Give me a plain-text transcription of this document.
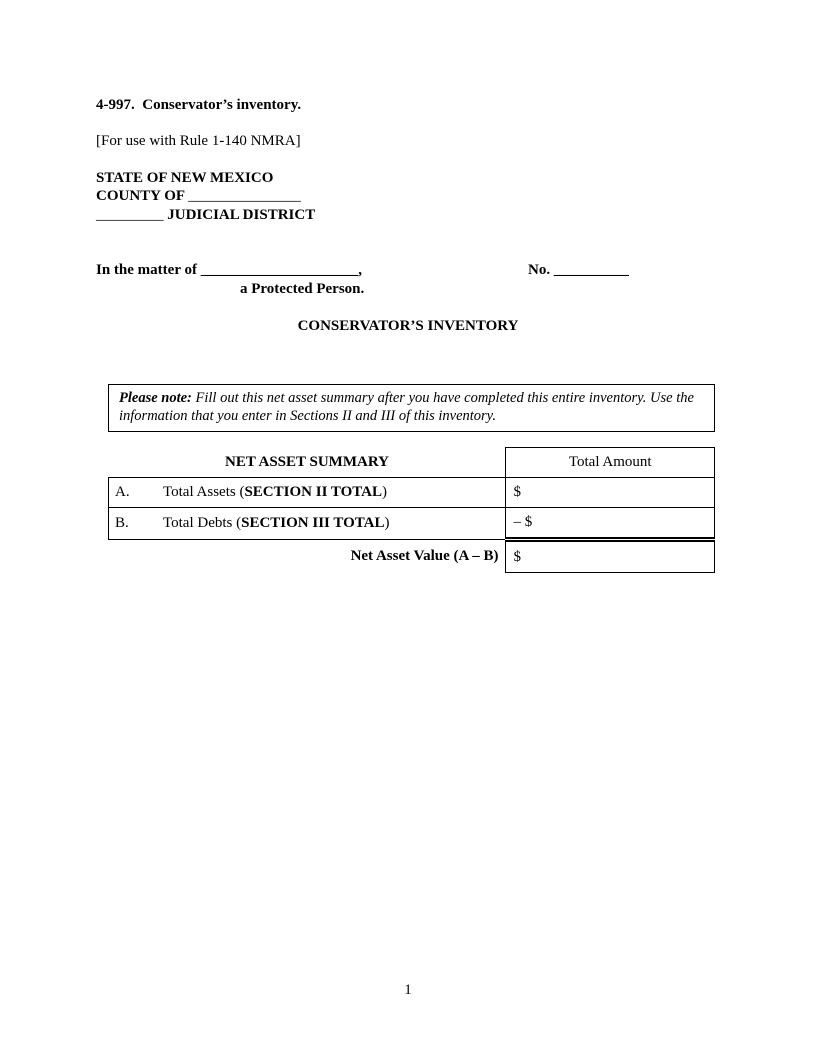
4-997. Conservator’s inventory.
[For use with Rule 1-140 NMRA]
STATE OF NEW MEXICO
COUNTY OF _______________
_________ JUDICIAL DISTRICT
In the matter of _____________________,
a Protected Person.
No. __________
CONSERVATOR’S INVENTORY
Please note: Fill out this net asset summary after you have completed this entire inventory. Use the information that you enter in Sections II and III of this inventory.
NET ASSET SUMMARY	Total Amount
A. Total Assets (SECTION II TOTAL)	$
B. Total Debts (SECTION III TOTAL)	– $
Net Asset Value (A – B)	$
1
